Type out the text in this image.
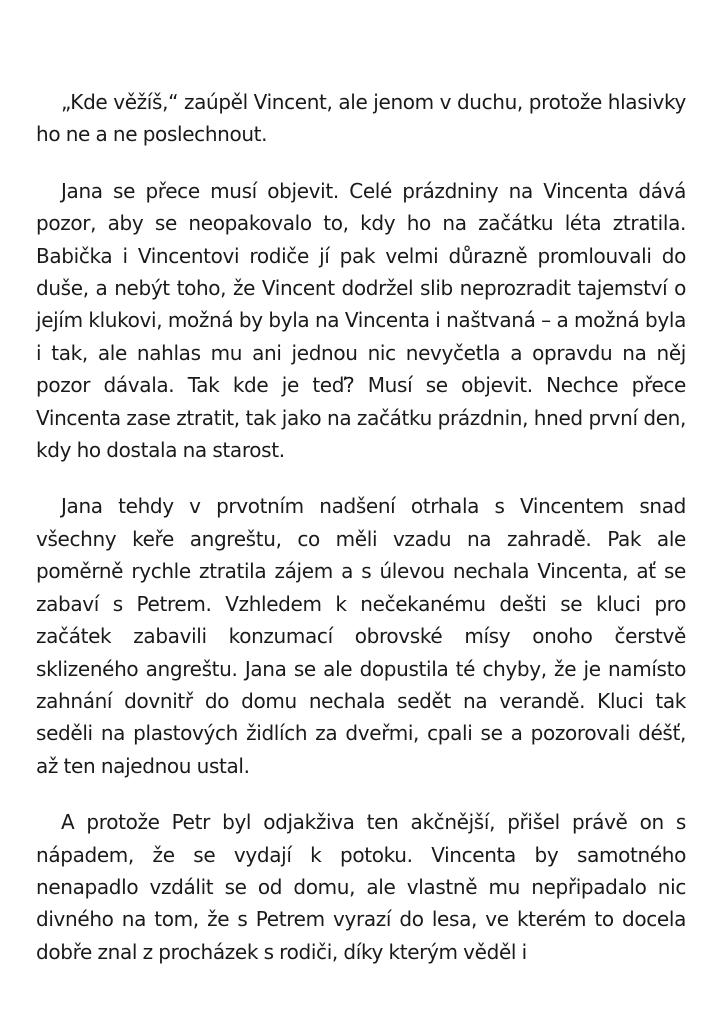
„Kde věžíš,“ zaúpěl Vincent, ale jenom v duchu, protože hlasivky ho ne a ne poslechnout.

Jana se přece musí objevit. Celé prázdniny na Vincenta dává pozor, aby se neopakovalo to, kdy ho na začátku léta ztratila. Babička i Vincentovi rodiče jí pak velmi důrazně promlouvali do duše, a nebýt toho, že Vincent dodržel slib neprozradit tajemství o jejím klukovi, možná by byla na Vincenta i naštvaná – a možná byla i tak, ale nahlas mu ani jednou nic nevyčetla a opravdu na něj pozor dávala. Tak kde je teď? Musí se objevit. Nechce přece Vincenta zase ztratit, tak jako na začátku prázdnin, hned první den, kdy ho dostala na starost.

Jana tehdy v prvotním nadšení otrhala s Vincentem snad všechny keře angreštu, co měli vzadu na zahradě. Pak ale poměrně rychle ztratila zájem a s úlevou nechala Vincenta, ať se zabaví s Petrem. Vzhledem k nečekanému dešti se kluci pro začátek zabavili konzumací obrovské mísy onoho čerstvě sklizeného angreštu. Jana se ale dopustila té chyby, že je namísto zahnání dovnitř do domu nechala sedět na verandě. Kluci tak seděli na plastových židlích za dveřmi, cpali se a pozorovali déšť, až ten najednou ustal.

A protože Petr byl odjakživa ten akčnější, přišel právě on s nápadem, že se vydají k potoku. Vincenta by samotného nenapadlo vzdálit se od domu, ale vlastně mu nepřipadalo nic divného na tom, že s Petrem vyrazí do lesa, ve kterém to docela dobře znal z procházek s rodiči, díky kterým věděl i
